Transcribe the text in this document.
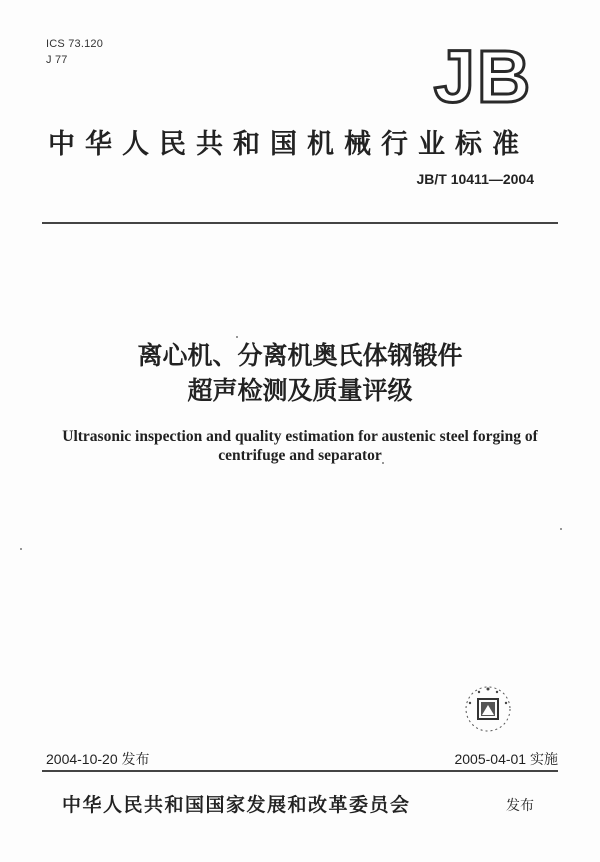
ICS 73.120
J 77	JB
中华人民共和国机械行业标准
JB/T 10411—2004
离心机、分离机奥氏体钢锻件
超声检测及质量评级
Ultrasonic inspection and quality estimation for austenic steel forging of
centrifuge and separator
2004-10-20 发布	2005-04-01 实施
中华人民共和国国家发展和改革委员会	发布
